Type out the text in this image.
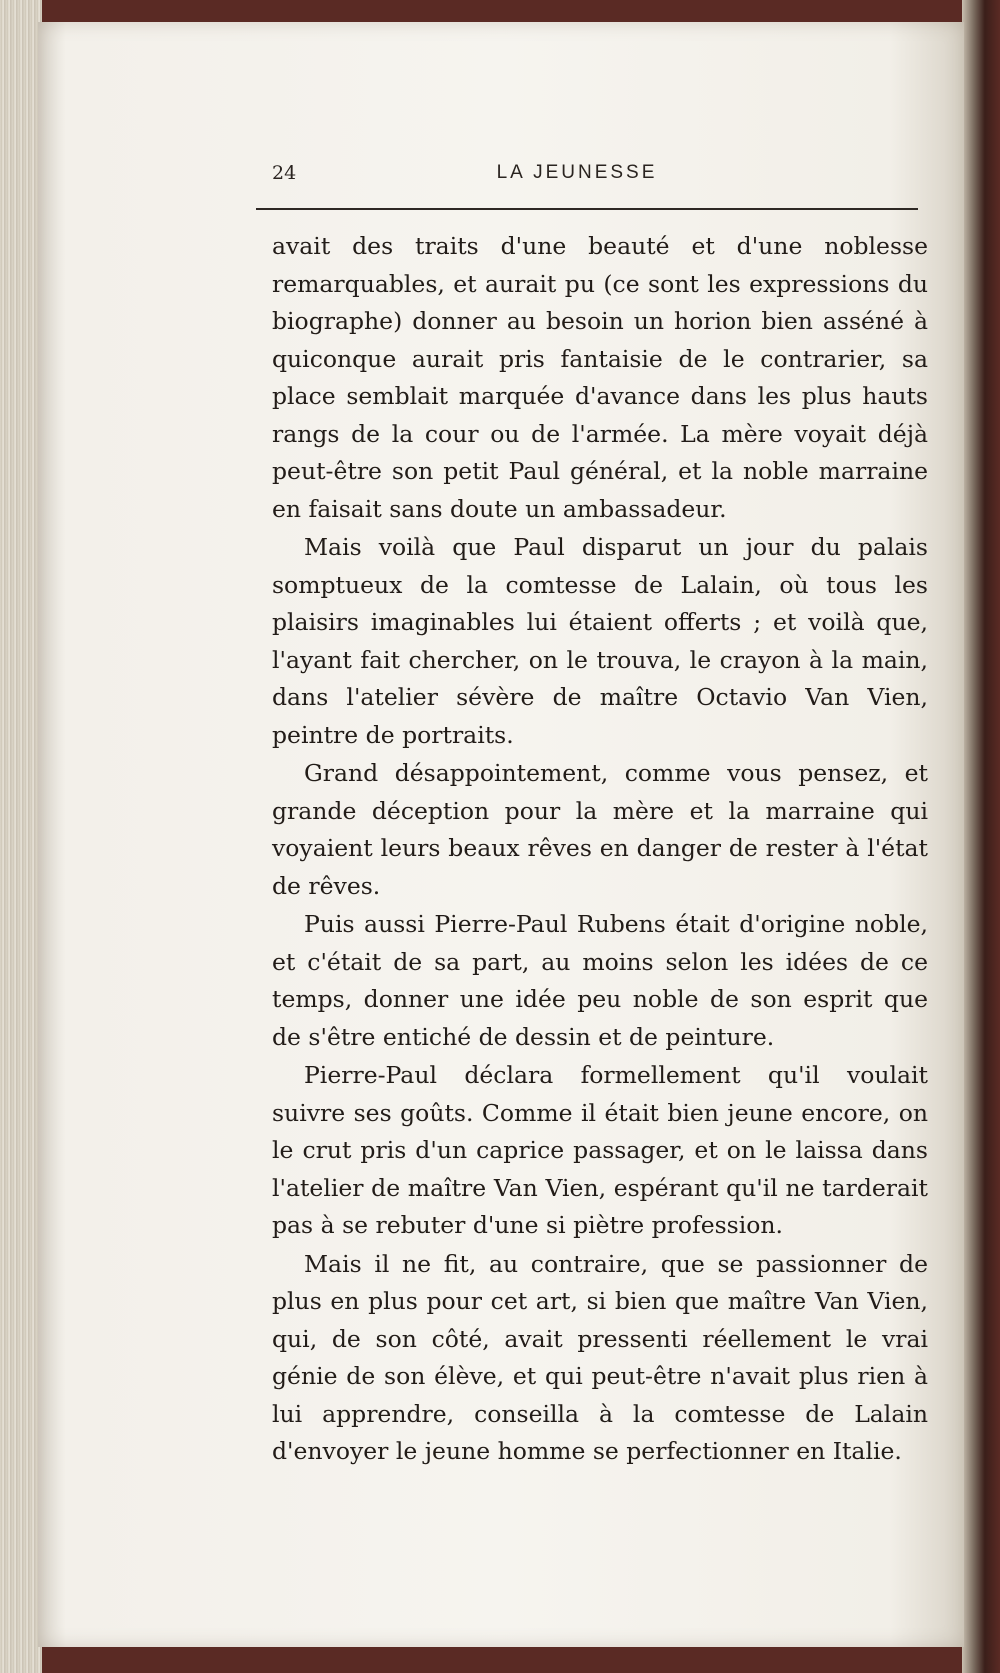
24	LA JEUNESSE

avait des traits d'une beauté et d'une noblesse remarquables, et aurait pu (ce sont les expressions du biographe) donner au besoin un horion bien asséné à quiconque aurait pris fantaisie de le contrarier, sa place semblait marquée d'avance dans les plus hauts rangs de la cour ou de l'armée. La mère voyait déjà peut-être son petit Paul général, et la noble marraine en faisait sans doute un ambassadeur.

Mais voilà que Paul disparut un jour du palais somptueux de la comtesse de Lalain, où tous les plaisirs imaginables lui étaient offerts ; et voilà que, l'ayant fait chercher, on le trouva, le crayon à la main, dans l'atelier sévère de maître Octavio Van Vien, peintre de portraits.

Grand désappointement, comme vous pensez, et grande déception pour la mère et la marraine qui voyaient leurs beaux rêves en danger de rester à l'état de rêves.

Puis aussi Pierre-Paul Rubens était d'origine noble, et c'était de sa part, au moins selon les idées de ce temps, donner une idée peu noble de son esprit que de s'être entiché de dessin et de peinture.

Pierre-Paul déclara formellement qu'il voulait suivre ses goûts. Comme il était bien jeune encore, on le crut pris d'un caprice passager, et on le laissa dans l'atelier de maître Van Vien, espérant qu'il ne tarderait pas à se rebuter d'une si piètre profession.

Mais il ne fit, au contraire, que se passionner de plus en plus pour cet art, si bien que maître Van Vien, qui, de son côté, avait pressenti réellement le vrai génie de son élève, et qui peut-être n'avait plus rien à lui apprendre, conseilla à la comtesse de Lalain d'envoyer le jeune homme se perfectionner en Italie.
